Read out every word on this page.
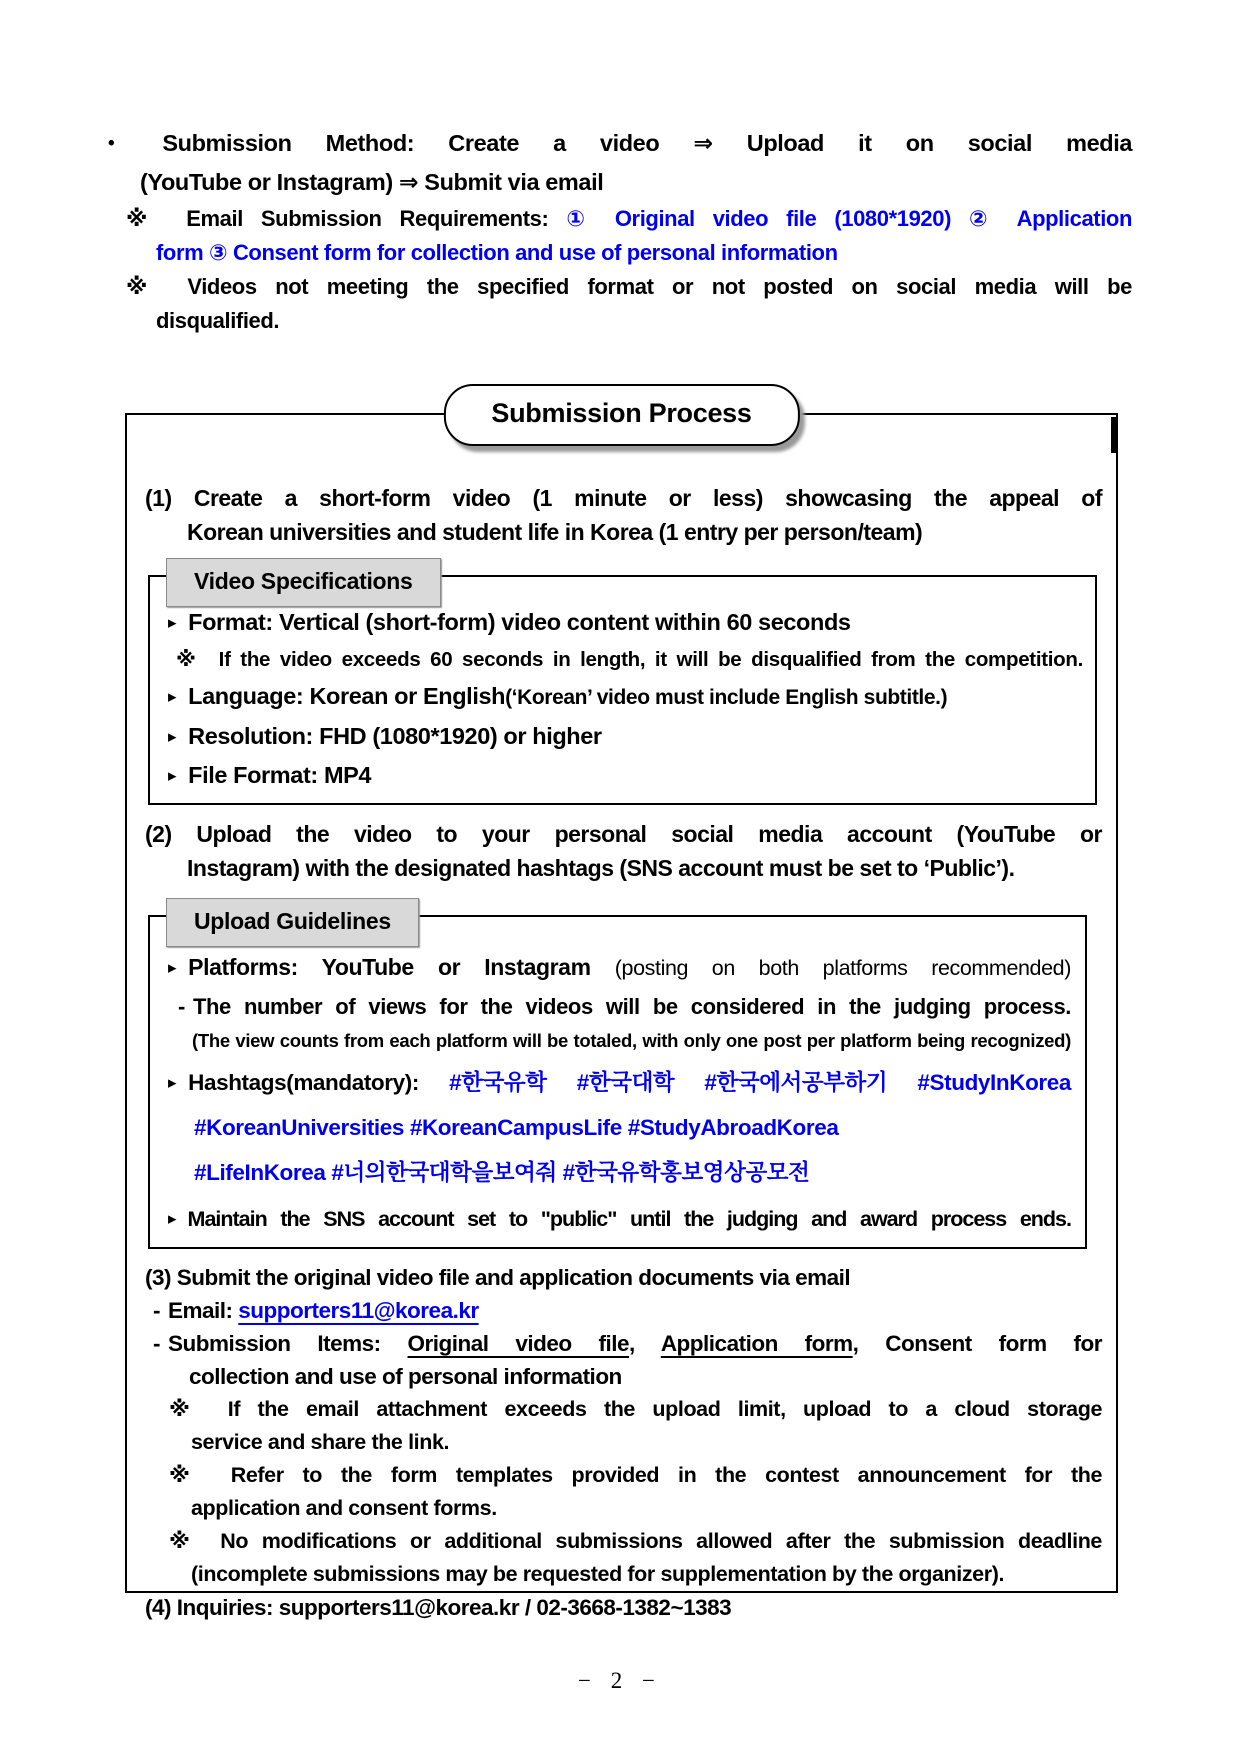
• Submission Method: Create a video ⇒ Upload it on social media
(YouTube or Instagram) ⇒ Submit via email
※ Email Submission Requirements: ① Original video file (1080*1920) ② Application
form ③ Consent form for collection and use of personal information
※ Videos not meeting the specified format or not posted on social media will be
disqualified.
Submission Process
(1) Create a short-form video (1 minute or less) showcasing the appeal of
Korean universities and student life in Korea (1 entry per person/team)
Video Specifications
▸ Format: Vertical (short-form) video content within 60 seconds
※ If the video exceeds 60 seconds in length, it will be disqualified from the competition.
▸ Language: Korean or English(‘Korean’ video must include English subtitle.)
▸ Resolution: FHD (1080*1920) or higher
▸ File Format: MP4
(2) Upload the video to your personal social media account (YouTube or
Instagram) with the designated hashtags (SNS account must be set to ‘Public’).
Upload Guidelines
▸ Platforms: YouTube or Instagram (posting on both platforms recommended)
- The number of views for the videos will be considered in the judging process.
(The view counts from each platform will be totaled, with only one post per platform being recognized)
▸ Hashtags(mandatory): #한국유학 #한국대학 #한국에서공부하기 #StudyInKorea
#KoreanUniversities #KoreanCampusLife #StudyAbroadKorea
#LifeInKorea #너의한국대학을보여줘 #한국유학홍보영상공모전
▸ Maintain the SNS account set to "public" until the judging and award process ends.
(3) Submit the original video file and application documents via email
- Email: supporters11@korea.kr
- Submission Items: Original video file, Application form, Consent form for
collection and use of personal information
※ If the email attachment exceeds the upload limit, upload to a cloud storage
service and share the link.
※ Refer to the form templates provided in the contest announcement for the
application and consent forms.
※ No modifications or additional submissions allowed after the submission deadline
(incomplete submissions may be requested for supplementation by the organizer).
(4) Inquiries: supporters11@korea.kr / 02-3668-1382~1383
− 2 −
